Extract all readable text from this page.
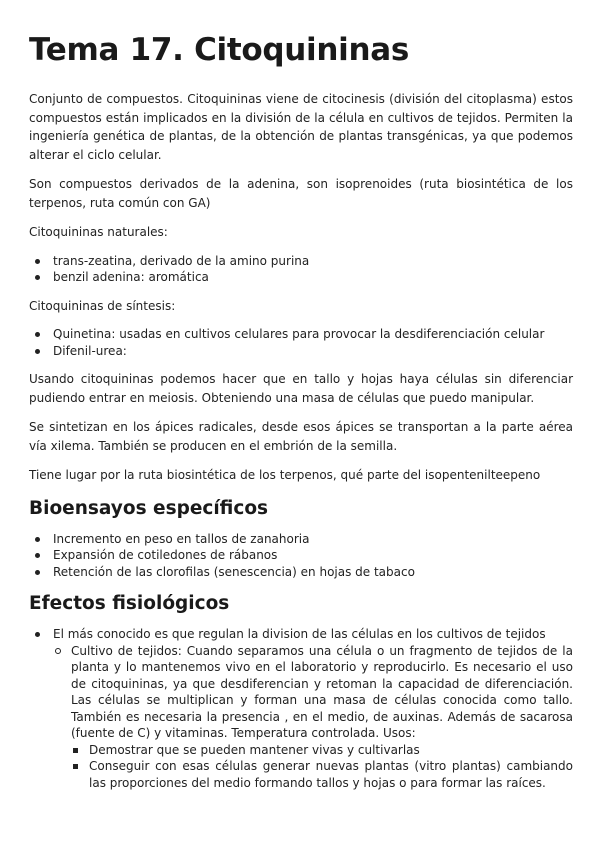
Tema 17. Citoquininas

Conjunto de compuestos. Citoquininas viene de citocinesis (división del citoplasma) estos compuestos están implicados en la división de la célula en cultivos de tejidos. Permiten la ingeniería genética de plantas, de la obtención de plantas transgénicas, ya que podemos alterar el ciclo celular.

Son compuestos derivados de la adenina, son isoprenoides (ruta biosintética de los terpenos, ruta común con GA)

Citoquininas naturales:

trans-zeatina, derivado de la amino purina
benzil adenina: aromática

Citoquininas de síntesis:

Quinetina: usadas en cultivos celulares para provocar la desdiferenciación celular
Difenil-urea:

Usando citoquininas podemos hacer que en tallo y hojas haya células sin diferenciar pudiendo entrar en meiosis. Obteniendo una masa de células que puedo manipular.

Se sintetizan en los ápices radicales, desde esos ápices se transportan a la parte aérea vía xilema. También se producen en el embrión de la semilla.

Tiene lugar por la ruta biosintética de los terpenos, qué parte del isopentenilteepeno

Bioensayos específicos
Incremento en peso en tallos de zanahoria
Expansión de cotiledones de rábanos
Retención de las clorofilas (senescencia) en hojas de tabaco
Efectos fisiológicos
El más conocido es que regulan la division de las células en los cultivos de tejidos
Cultivo de tejidos: Cuando separamos una célula o un fragmento de tejidos de la planta y lo mantenemos vivo en el laboratorio y reproducirlo. Es necesario el uso de citoquininas, ya que desdiferencian y retoman la capacidad de diferenciación. Las células se multiplican y forman una masa de células conocida como tallo. También es necesaria la presencia , en el medio, de auxinas. Además de sacarosa (fuente de C) y vitaminas. Temperatura controlada. Usos:
Demostrar que se pueden mantener vivas y cultivarlas
Conseguir con esas células generar nuevas plantas (vitro plantas) cambiando las proporciones del medio formando tallos y hojas o para formar las raíces.
